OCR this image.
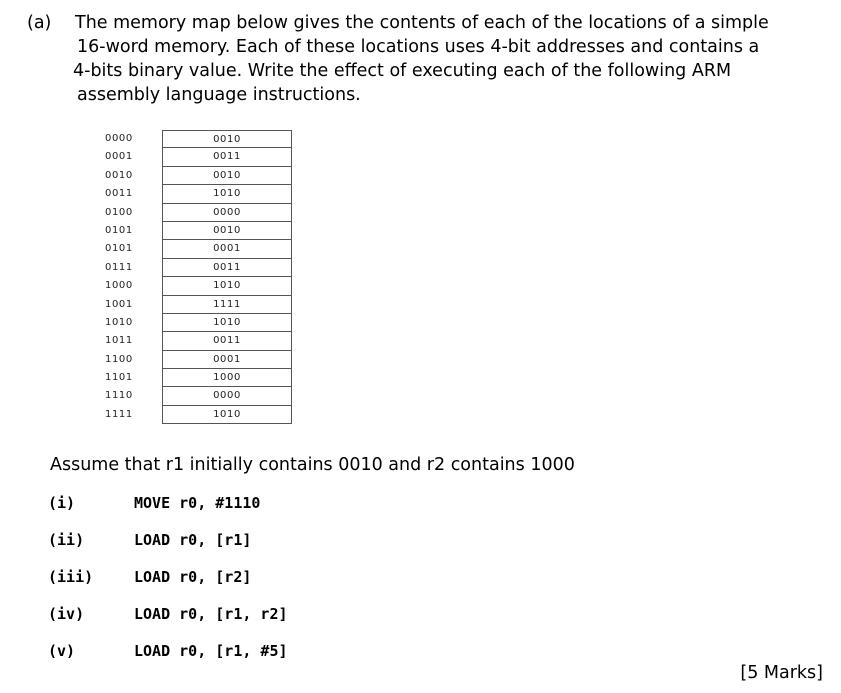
(a) The memory map below gives the contents of each of the locations of a simple
16-word memory. Each of these locations uses 4-bit addresses and contains a
4-bits binary value. Write the effect of executing each of the following ARM
assembly language instructions.
0000	0010
0001	0011
0010	0010
0011	1010
0100	0000
0101	0010
0101	0001
0111	0011
1000	1010
1001	1111
1010	1010
1011	0011
1100	0001
1101	1000
1110	0000
1111	1010
Assume that r1 initially contains 0010 and r2 contains 1000
(i)	MOVE r0, #1110
(ii)	LOAD r0, [r1]
(iii)	LOAD r0, [r2]
(iv)	LOAD r0, [r1, r2]
(v)	LOAD r0, [r1, #5]
[5 Marks]
